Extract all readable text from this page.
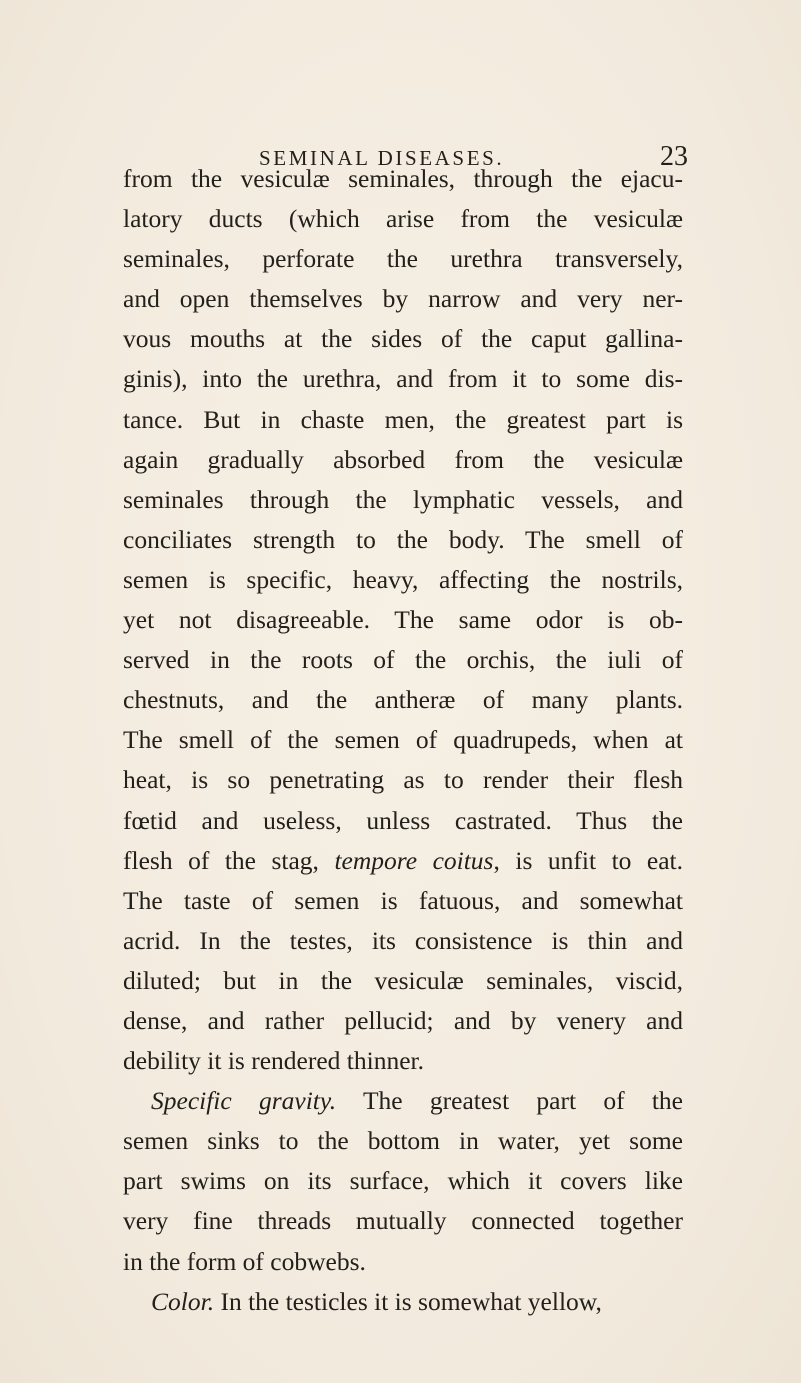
SEMINAL DISEASES.	23
from the vesiculæ seminales, through the ejacu-
latory ducts (which arise from the vesiculæ
seminales, perforate the urethra transversely,
and open themselves by narrow and very ner-
vous mouths at the sides of the caput gallina-
ginis), into the urethra, and from it to some dis-
tance. But in chaste men, the greatest part is
again gradually absorbed from the vesiculæ
seminales through the lymphatic vessels, and
conciliates strength to the body. The smell of
semen is specific, heavy, affecting the nostrils,
yet not disagreeable. The same odor is ob-
served in the roots of the orchis, the iuli of
chestnuts, and the antheræ of many plants.
The smell of the semen of quadrupeds, when at
heat, is so penetrating as to render their flesh
fœtid and useless, unless castrated. Thus the
flesh of the stag, tempore coitus, is unfit to eat.
The taste of semen is fatuous, and somewhat
acrid. In the testes, its consistence is thin and
diluted; but in the vesiculæ seminales, viscid,
dense, and rather pellucid; and by venery and
debility it is rendered thinner.
Specific gravity. The greatest part of the
semen sinks to the bottom in water, yet some
part swims on its surface, which it covers like
very fine threads mutually connected together
in the form of cobwebs.
Color. In the testicles it is somewhat yellow,
